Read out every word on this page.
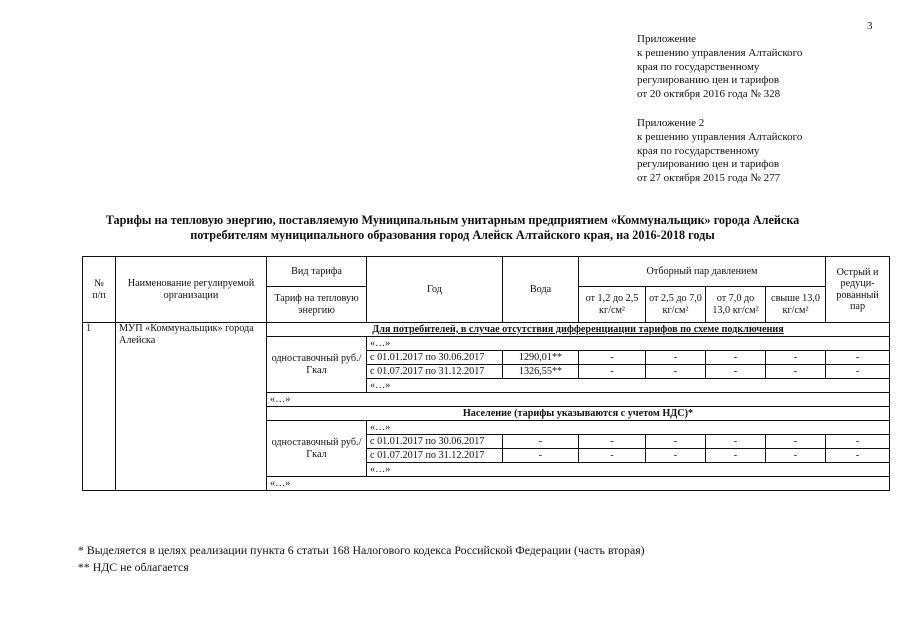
3
Приложение
к решению управления Алтайского
края по государственному
регулированию цен и тарифов
от 20 октября 2016 года № 328
Приложение 2
к решению управления Алтайского
края по государственному
регулированию цен и тарифов
от 27 октября 2015 года № 277
Тарифы на тепловую энергию, поставляемую Муниципальным унитарным предприятием «Коммунальщик» города Алейска
потребителям муниципального образования город Алейск Алтайского края, на 2016-2018 годы
№
п/п	Наименование регулируемой организации	Вид тарифа	Год	Вода	Отборный пар давлением				Острый и редуци-рованный пар
		Тариф на тепловую энергию			от 1,2 до 2,5 кг/см²	от 2,5 до 7,0 кг/см²	от 7,0 до 13,0 кг/см²	свыше 13,0 кг/см²	
1	МУП «Коммунальщик» города Алейска	Для потребителей, в случае отсутствия дифференциации тарифов по схеме подключения							
		одноставочный руб./Гкал	«…»						
			с 01.01.2017 по 30.06.2017	1290,01**	-	-	-	-	-
			с 01.07.2017 по 31.12.2017	1326,55**	-	-	-	-	-
			«…»						
		«…»							
		Население (тарифы указываются с учетом НДС)*							
		одноставочный руб./Гкал	«…»						
			с 01.01.2017 по 30.06.2017	-	-	-	-	-	-
			с 01.07.2017 по 31.12.2017	-	-	-	-	-	-
			«…»						
		«…»							
* Выделяется в целях реализации пункта 6 статьи 168 Налогового кодекса Российской Федерации (часть вторая)
** НДС не облагается
